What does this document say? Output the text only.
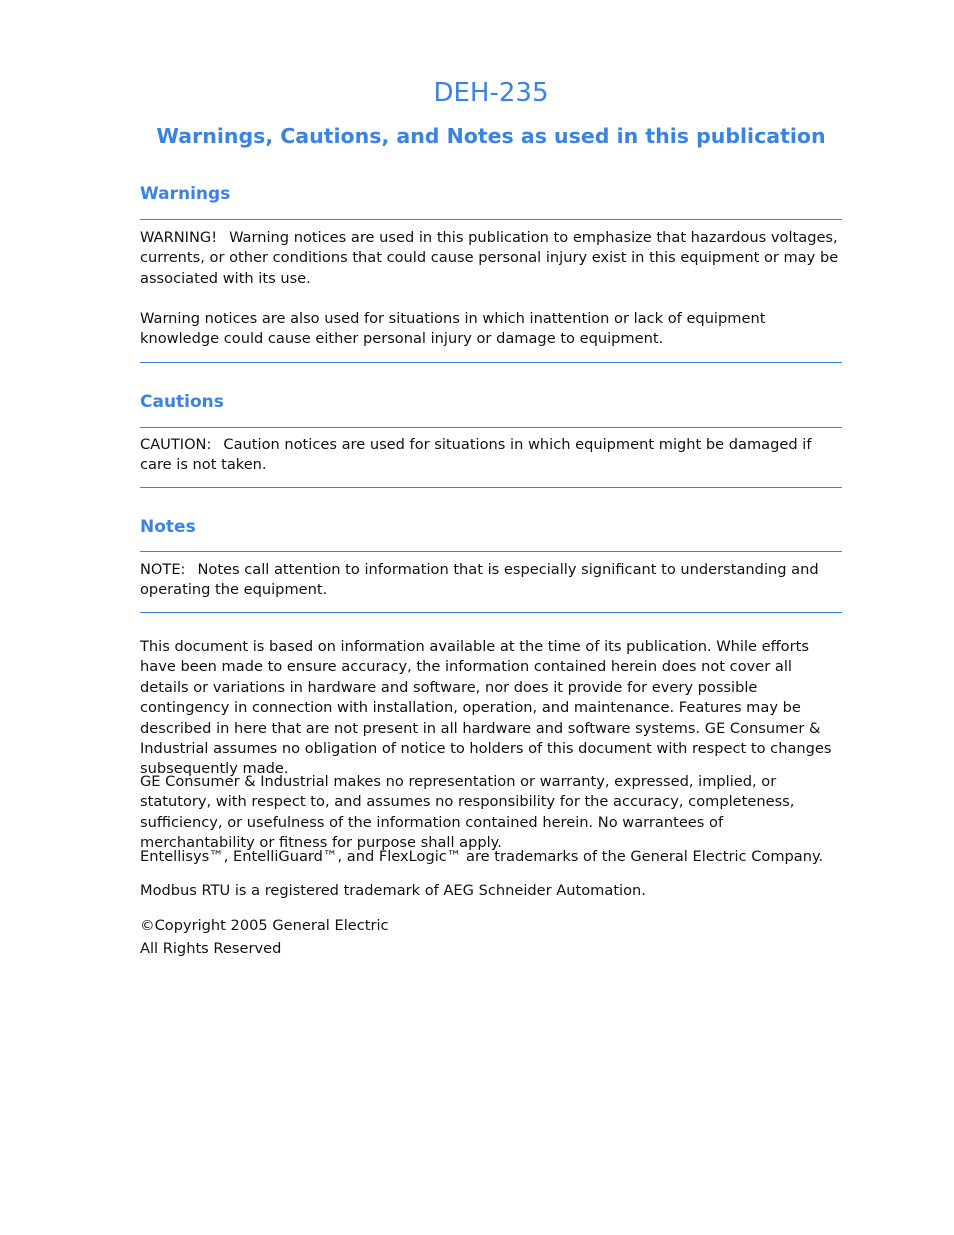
DEH-235
Warnings, Cautions, and Notes as used in this publication
Warnings

WARNING! Warning notices are used in this publication to emphasize that hazardous voltages, currents, or other conditions that could cause personal injury exist in this equipment or may be associated with its use.

Warning notices are also used for situations in which inattention or lack of equipment knowledge could cause either personal injury or damage to equipment.

Cautions

CAUTION: Caution notices are used for situations in which equipment might be damaged if care is not taken.

Notes

NOTE: Notes call attention to information that is especially significant to understanding and operating the equipment.

This document is based on information available at the time of its publication. While efforts have been made to ensure accuracy, the information contained herein does not cover all details or variations in hardware and software, nor does it provide for every possible contingency in connection with installation, operation, and maintenance. Features may be described in here that are not present in all hardware and software systems. GE Consumer & Industrial assumes no obligation of notice to holders of this document with respect to changes subsequently made.

GE Consumer & Industrial makes no representation or warranty, expressed, implied, or statutory, with respect to, and assumes no responsibility for the accuracy, completeness, sufficiency, or usefulness of the information contained herein. No warrantees of merchantability or fitness for purpose shall apply.

Entellisys™, EntelliGuard™, and FlexLogic™ are trademarks of the General Electric Company.

Modbus RTU is a registered trademark of AEG Schneider Automation.

©Copyright 2005 General Electric

All Rights Reserved
